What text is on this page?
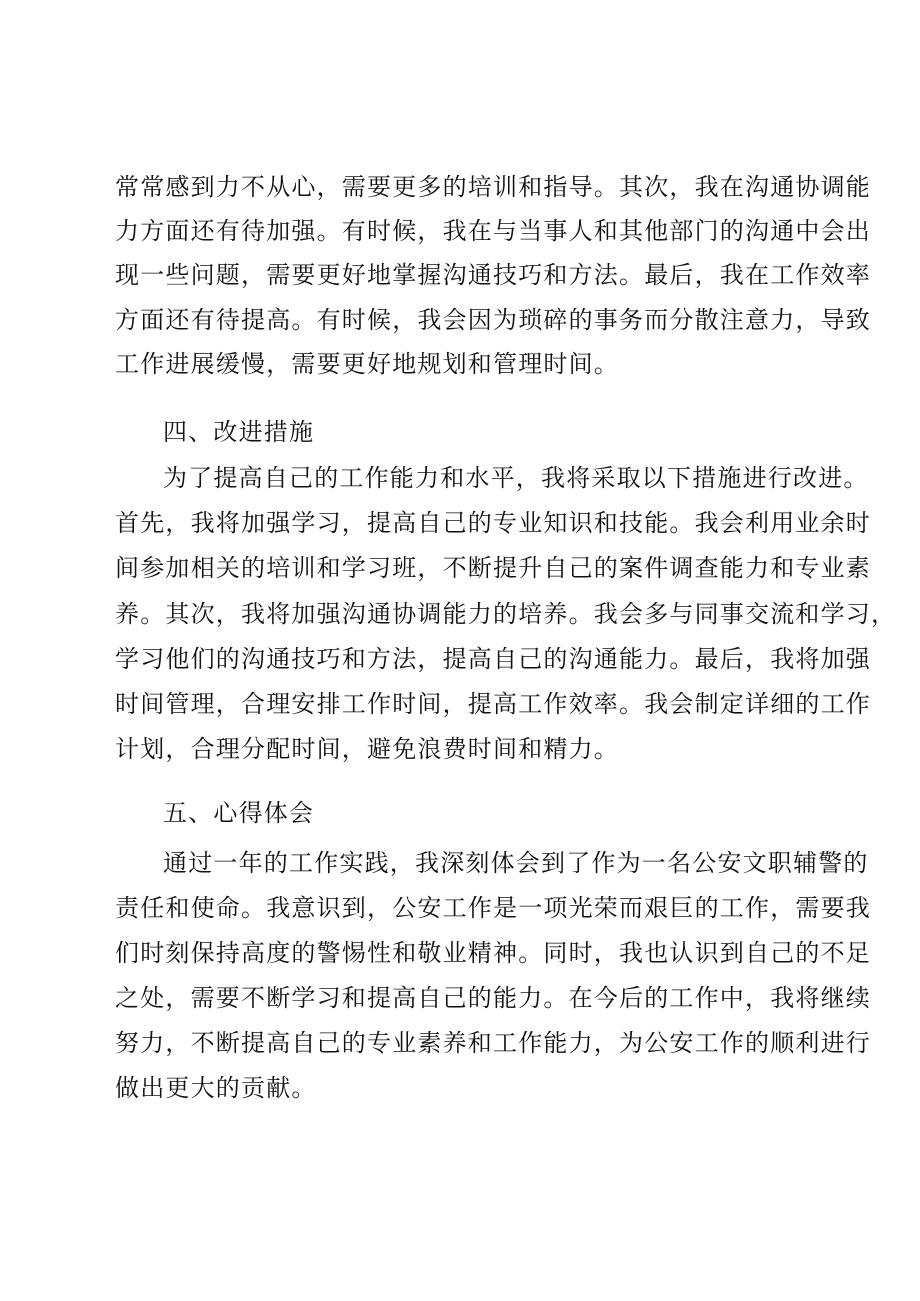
常常感到力不从心，需要更多的培训和指导。其次，我在沟通协调能
力方面还有待加强。有时候，我在与当事人和其他部门的沟通中会出
现一些问题，需要更好地掌握沟通技巧和方法。最后，我在工作效率
方面还有待提高。有时候，我会因为琐碎的事务而分散注意力，导致
工作进展缓慢，需要更好地规划和管理时间。
四、改进措施
为了提高自己的工作能力和水平，我将采取以下措施进行改进。
首先，我将加强学习，提高自己的专业知识和技能。我会利用业余时
间参加相关的培训和学习班，不断提升自己的案件调查能力和专业素
养。其次，我将加强沟通协调能力的培养。我会多与同事交流和学习，
学习他们的沟通技巧和方法，提高自己的沟通能力。最后，我将加强
时间管理，合理安排工作时间，提高工作效率。我会制定详细的工作
计划，合理分配时间，避免浪费时间和精力。
五、心得体会
通过一年的工作实践，我深刻体会到了作为一名公安文职辅警的
责任和使命。我意识到，公安工作是一项光荣而艰巨的工作，需要我
们时刻保持高度的警惕性和敬业精神。同时，我也认识到自己的不足
之处，需要不断学习和提高自己的能力。在今后的工作中，我将继续
努力，不断提高自己的专业素养和工作能力，为公安工作的顺利进行
做出更大的贡献。
